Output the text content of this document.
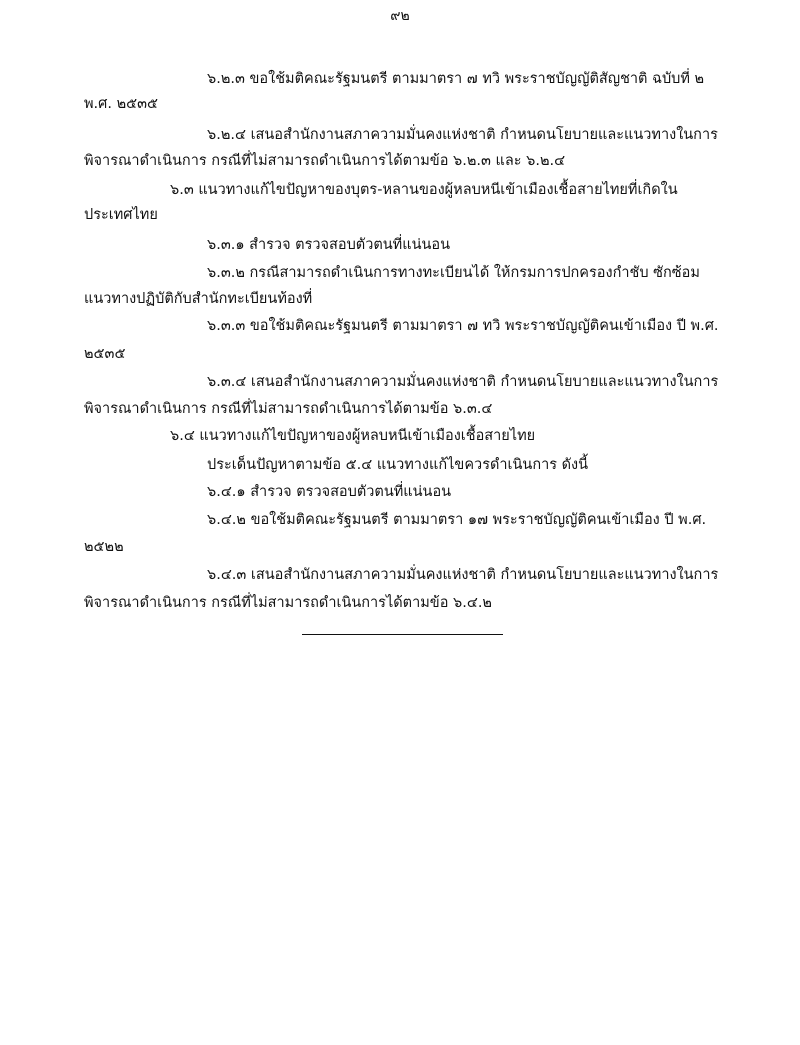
๙๒
๖.๒.๓ ขอใช้มติคณะรัฐมนตรี ตามมาตรา ๗ ทวิ พระราชบัญญัติสัญชาติ ฉบับที่ ๒
พ.ศ. ๒๕๓๕
๖.๒.๔ เสนอสำนักงานสภาความมั่นคงแห่งชาติ กำหนดนโยบายและแนวทางในการ
พิจารณาดำเนินการ กรณีที่ไม่สามารถดำเนินการได้ตามข้อ ๖.๒.๓ และ ๖.๒.๔
๖.๓ แนวทางแก้ไขปัญหาของบุตร-หลานของผู้หลบหนีเข้าเมืองเชื้อสายไทยที่เกิดใน
ประเทศไทย
๖.๓.๑ สำรวจ ตรวจสอบตัวตนที่แน่นอน
๖.๓.๒ กรณีสามารถดำเนินการทางทะเบียนได้ ให้กรมการปกครองกำชับ ซักซ้อม
แนวทางปฏิบัติกับสำนักทะเบียนท้องที่
๖.๓.๓ ขอใช้มติคณะรัฐมนตรี ตามมาตรา ๗ ทวิ พระราชบัญญัติคนเข้าเมือง ปี พ.ศ.
๒๕๓๕
๖.๓.๔ เสนอสำนักงานสภาความมั่นคงแห่งชาติ กำหนดนโยบายและแนวทางในการ
พิจารณาดำเนินการ กรณีที่ไม่สามารถดำเนินการได้ตามข้อ ๖.๓.๔
๖.๔ แนวทางแก้ไขปัญหาของผู้หลบหนีเข้าเมืองเชื้อสายไทย
ประเด็นปัญหาตามข้อ ๕.๔ แนวทางแก้ไขควรดำเนินการ ดังนี้
๖.๔.๑ สำรวจ ตรวจสอบตัวตนที่แน่นอน
๖.๔.๒ ขอใช้มติคณะรัฐมนตรี ตามมาตรา ๑๗ พระราชบัญญัติคนเข้าเมือง ปี พ.ศ.
๒๕๒๒
๖.๔.๓ เสนอสำนักงานสภาความมั่นคงแห่งชาติ กำหนดนโยบายและแนวทางในการ
พิจารณาดำเนินการ กรณีที่ไม่สามารถดำเนินการได้ตามข้อ ๖.๔.๒
